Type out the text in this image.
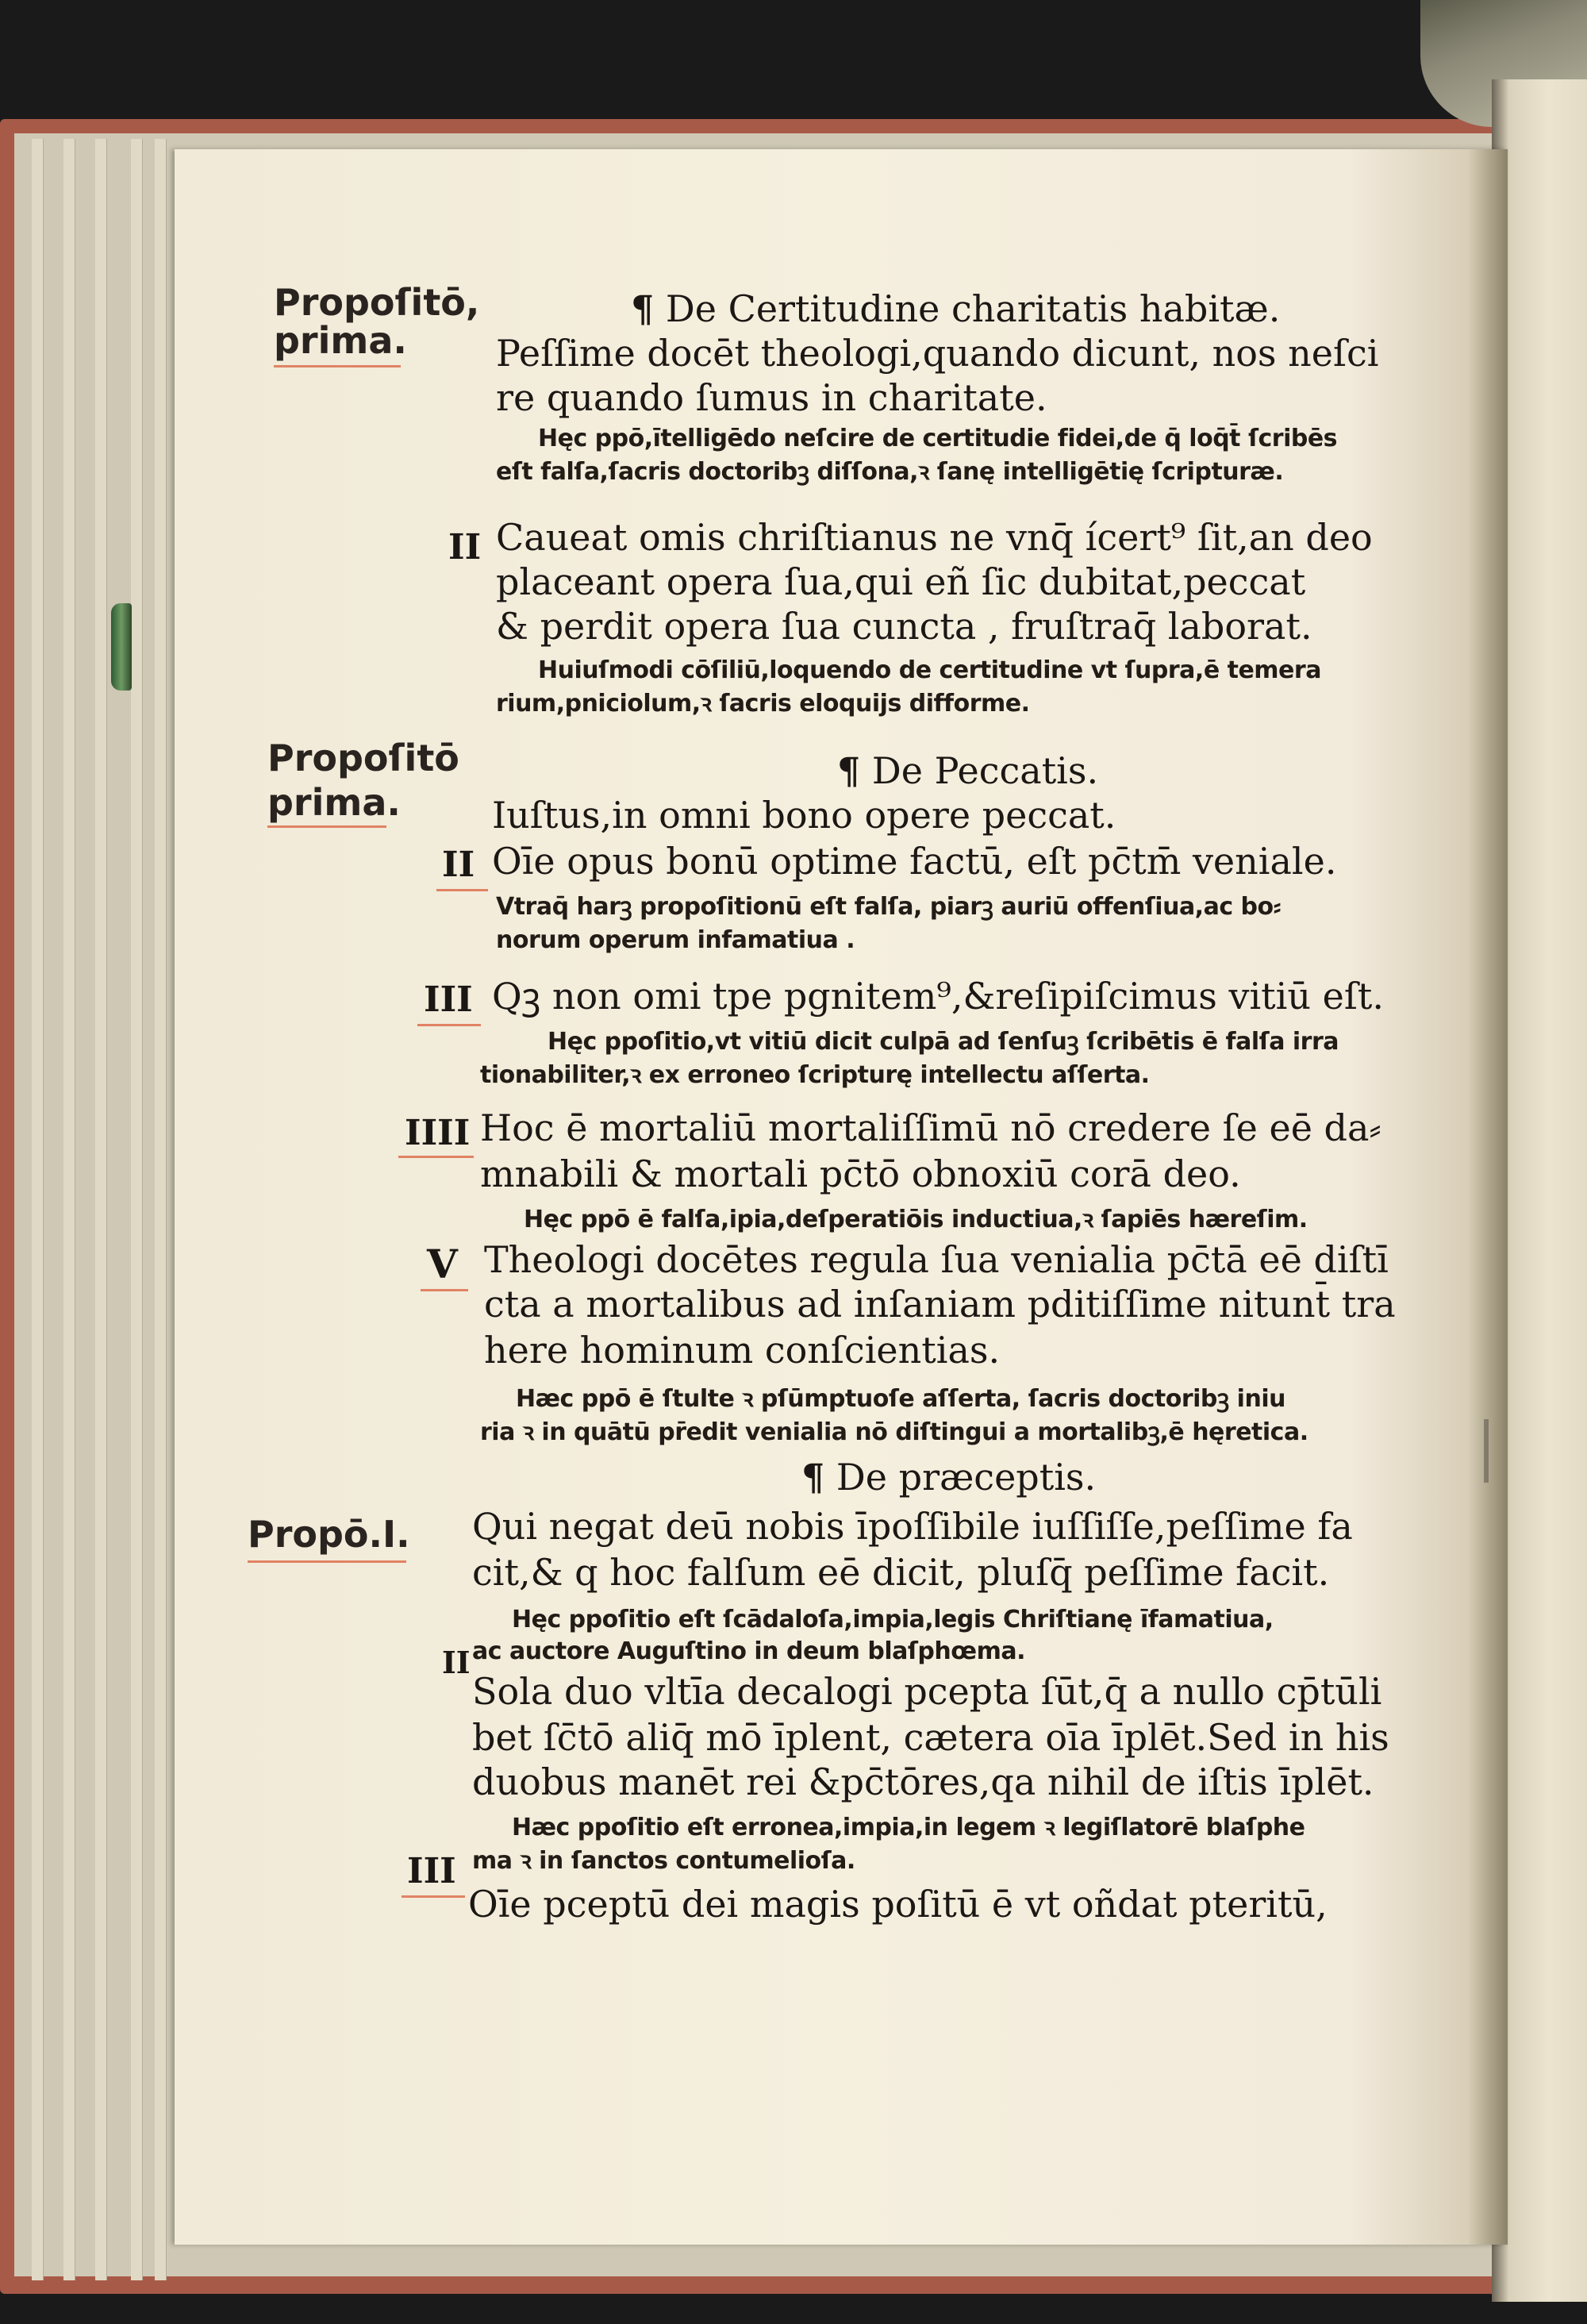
Propoſitō,
prima.
¶ De Certitudine charitatis habitæ.
Peſſime docēt theologi,quando dicunt, nos neſci
re quando ſumus in charitate.
Hęc ppō,ītelligēdo neſcire de certitudie fidei,de q̄ loq̄t̄ ſcribēs
eſt falſa,ſacris doctoribꝫ diſſona,ꝛ ſanę intelligētię ſcripturæ.
II Caueat omis chriſtianus ne vnq̄ ícert⁹ ſit,an deo
placeant opera ſua,qui eñ ſic dubitat,peccat
& perdit opera ſua cuncta , fruſtraq̄ laborat.
Huiuſmodi cōſiliū,loquendo de certitudine vt ſupra,ē temera
rium,pniciolum,ꝛ ſacris eloquijs difforme.
Propoſitō
prima.
¶ De Peccatis.
Iuſtus,in omni bono opere peccat.
II Oīe opus bonū optime factū, eſt pc̄tm̄ veniale.
Vtraq̄ harꝫ propoſitionū eſt falſa, piarꝫ auriū offenſiua,ac bo⸗
norum operum infamatiua .
III Qꝫ non omi tpe pgnitem⁹,&reſipiſcimus vitiū eſt.
Hęc ppoſitio,vt vitiū dicit culpā ad ſenſuꝫ ſcribētis ē falſa irra
tionabiliter,ꝛ ex erroneo ſcripturę intellectu aſſerta.
IIII Hoc ē mortaliū mortaliſſimū nō credere ſe eē da⸗
mnabili & mortali pc̄tō obnoxiū corā deo.
Hęc ppō ē falſa,ipia,deſperatiōis inductiua,ꝛ ſapiēs hæreſim.
V Theologi docētes regula ſua venialia pc̄tā eē diſtī
cta a mortalibus ad inſaniam pditiſſime nitunt̄ tra
here hominum conſcientias.
Hæc ppō ē ſtulte ꝛ pſūmptuoſe aſſerta, ſacris doctoribꝫ iniu
ria ꝛ in quātū pr̄edit venialia nō diſtingui a mortalibꝫ,ē hęretica.
¶ De præceptis.
Propō.I. Qui negat deū nobis īpoſſibile iuſſiſſe,peſſime fa
cit,& q hoc falſum eē dicit, pluſq̄ peſſime facit.
Hęc ppoſitio eſt ſcādaloſa,impia,legis Chriſtianę īfamatiua,
ac auctore Auguſtino in deum blaſphœma.
II
Sola duo vltīa decalogi pcepta ſūt,q̄ a nullo cp̄tūli
bet ſc̄tō aliq̄ mō īplent, cætera oīa īplēt.Sed in his
duobus manēt rei &pc̄tōres,qa nihil de iſtis īplēt.
Hæc ppoſitio eſt erronea,impia,in legem ꝛ legiſlatorē blaſphe
ma ꝛ in ſanctos contumelioſa.
III
Oīe pceptū dei magis poſitū ē vt oñdat pteritū,
